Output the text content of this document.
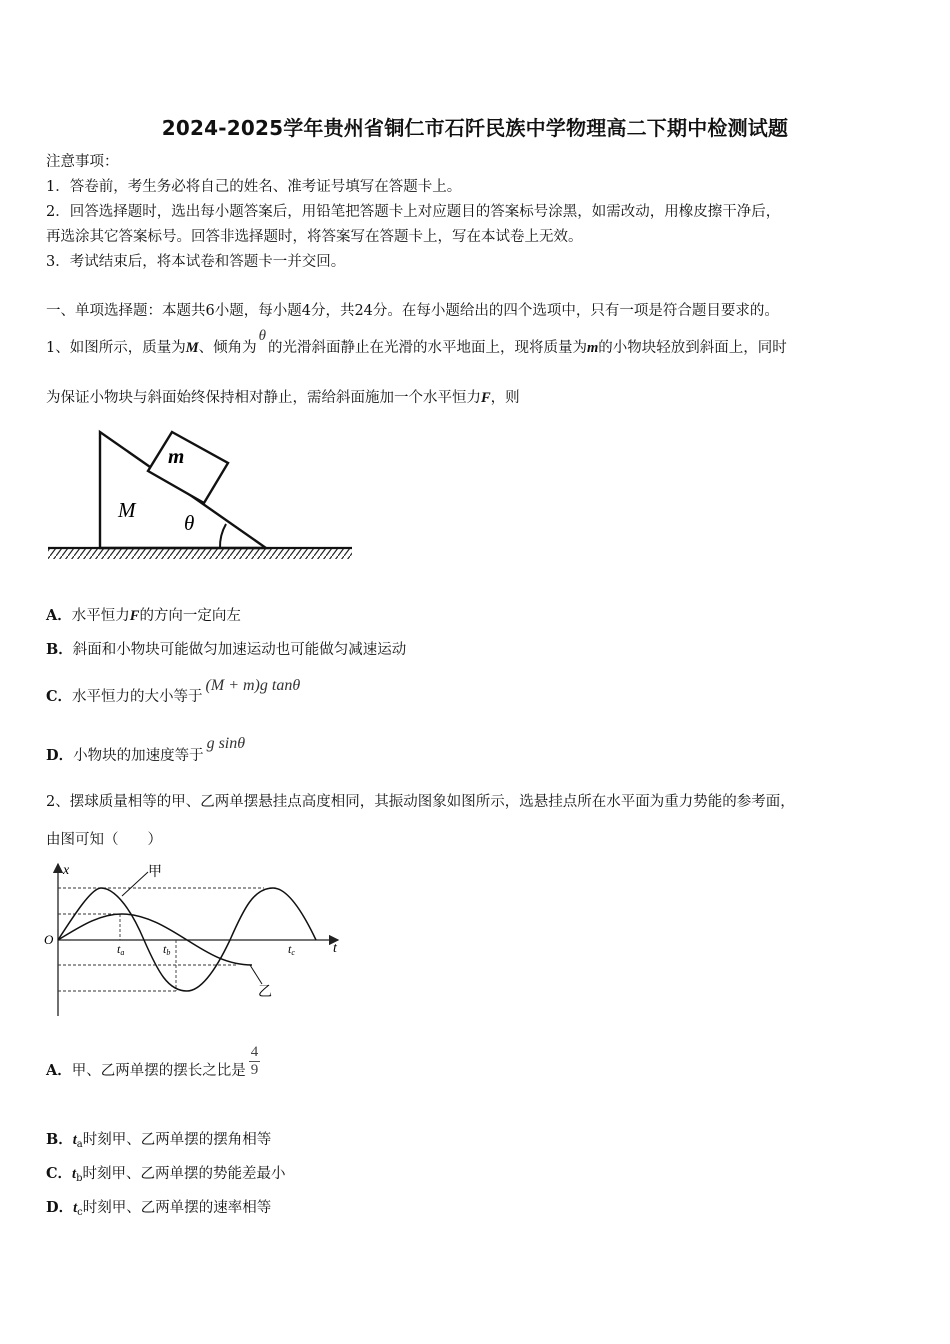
2024-2025学年贵州省铜仁市石阡民族中学物理高二下期中检测试题
注意事项：
1．答卷前，考生务必将自己的姓名、准考证号填写在答题卡上。
2．回答选择题时，选出每小题答案后，用铅笔把答题卡上对应题目的答案标号涂黑，如需改动，用橡皮擦干净后，
再选涂其它答案标号。回答非选择题时，将答案写在答题卡上，写在本试卷上无效。
3．考试结束后，将本试卷和答题卡一并交回。
一、单项选择题：本题共6小题，每小题4分，共24分。在每小题给出的四个选项中，只有一项是符合题目要求的。
1、如图所示，质量为M、倾角为θ的光滑斜面静止在光滑的水平地面上，现将质量为m的小物块轻放到斜面上，同时
为保证小物块与斜面始终保持相对静止，需给斜面施加一个水平恒力F，则
m
M
θ
A．水平恒力F的方向一定向左
B．斜面和小物块可能做匀加速运动也可能做匀减速运动
C．水平恒力的大小等于(M + m)g tanθ
D．小物块的加速度等于g sinθ
2、摆球质量相等的甲、乙两单摆悬挂点高度相同，其振动图象如图所示，选悬挂点所在水平面为重力势能的参考面，
由图可知（　　）
x
t
O
甲
乙
ta	tb	tc
A．甲、乙两单摆的摆长之比是 $\frac{4}{9}$
B．$t_a$时刻甲、乙两单摆的摆角相等
C．$t_b$时刻甲、乙两单摆的势能差最小
D．$t_c$时刻甲、乙两单摆的速率相等
